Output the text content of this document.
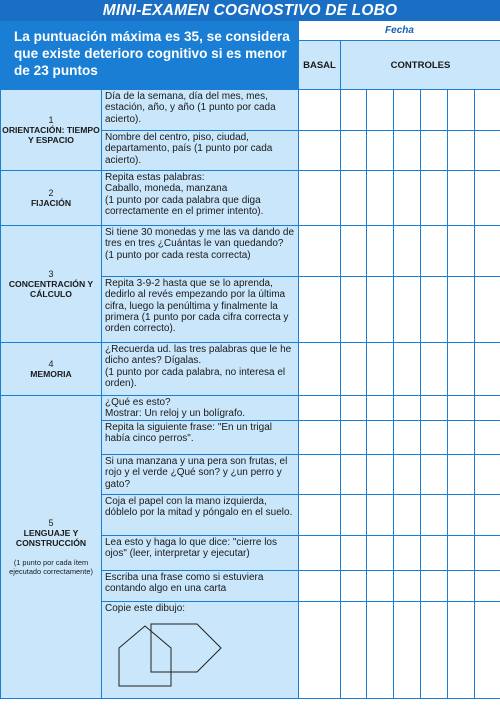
MINI-EXAMEN COGNOSTIVO DE LOBO
La puntuación máxima es 35, se considera que existe deterioro cognitivo si es menor de 23 puntos
Fecha
BASAL	CONTROLES
1
ORIENTACIÓN: TIEMPO Y ESPACIO	Día de la semana, día del mes, mes, estación, año, y año (1 punto por cada acierto).							
	Nombre del centro, piso, ciudad, departamento, país (1 punto por cada acierto).							

2
FIJACIÓN	Repita estas palabras:
Caballo, moneda, manzana
(1 punto por cada palabra que diga correctamente en el primer intento).							

3
CONCENTRACIÓN Y CÁLCULO	Si tiene 30 monedas y me las va dando de tres en tres ¿Cuántas le van quedando?
(1 punto por cada resta correcta)							
	Repita 3-9-2 hasta que se lo aprenda, dedirlo al revés empezando por la última cifra, luego la penúltima y finalmente la primera (1 punto por cada cifra correcta y orden correcto).							

4
MEMORIA	¿Recuerda ud. las tres palabras que le he dicho antes? Dígalas.
(1 punto por cada palabra, no interesa el orden).							

5
LENGUAJE Y CONSTRUCCIÓN
(1 punto por cada ítem ejecutado correctamente)	¿Qué es esto?
Mostrar: Un reloj y un bolígrafo.							
	Repita la siguiente frase: "En un trigal había cinco perros".							
	Si una manzana y una pera son frutas, el rojo y el verde ¿Qué son? y ¿un perro y gato?							
	Coja el papel con la mano izquierda, dóblelo por la mitad y póngalo en el suelo.							
	Lea esto y haga lo que dice: "cierre los ojos" (leer, interpretar y ejecutar)							
	Escriba una frase como si estuviera contando algo en una carta							
	Copie este dibujo:
